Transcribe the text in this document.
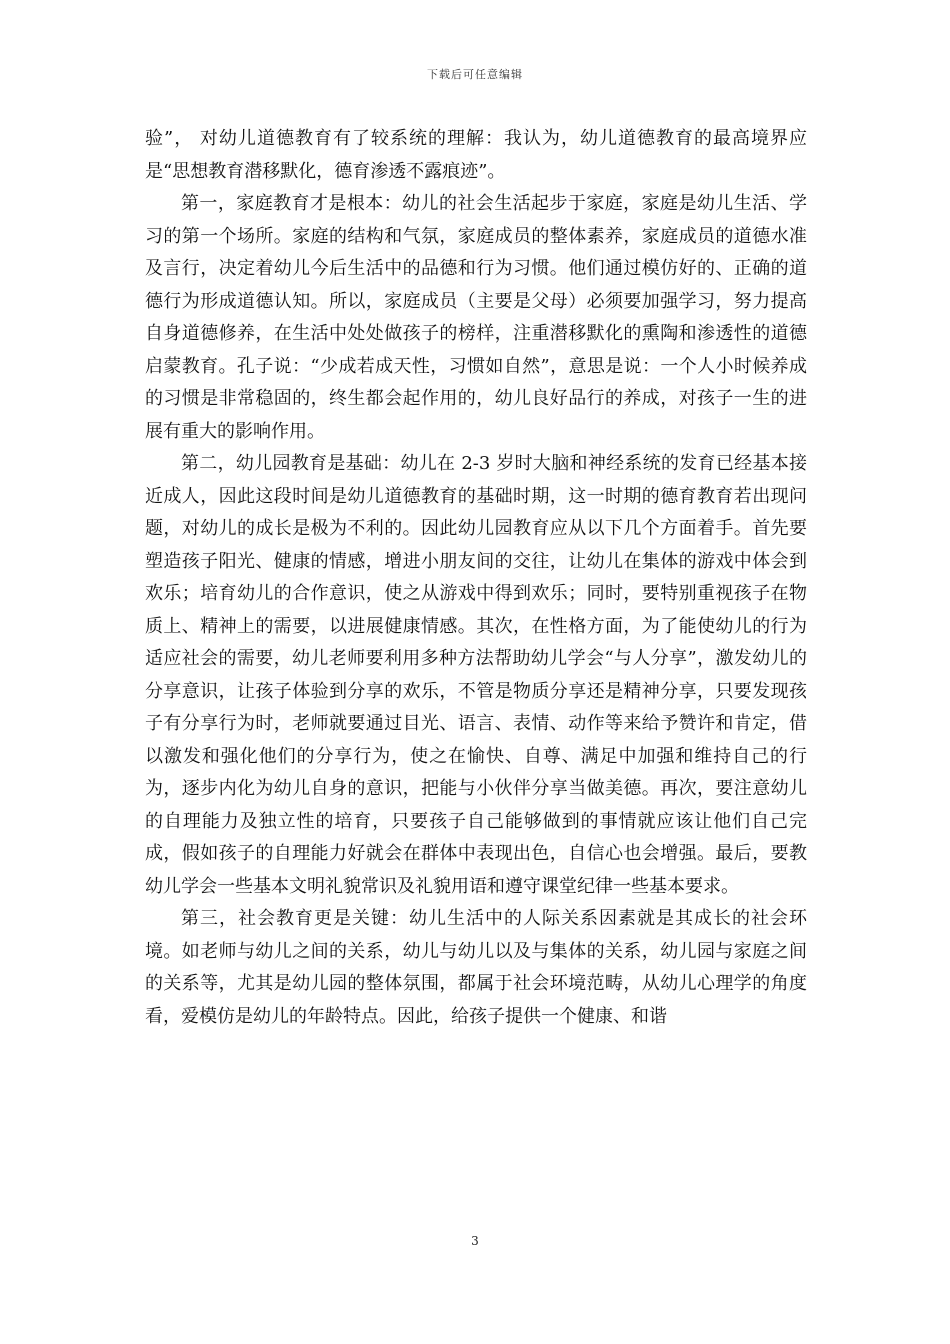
下载后可任意编辑

验”， 对幼儿道德教育有了较系统的理解：我认为，幼儿道德教育的最高境界应是“思想教育潜移默化，德育渗透不露痕迹”。

第一，家庭教育才是根本：幼儿的社会生活起步于家庭，家庭是幼儿生活、学习的第一个场所。家庭的结构和气氛，家庭成员的整体素养，家庭成员的道德水准及言行，决定着幼儿今后生活中的品德和行为习惯。他们通过模仿好的、正确的道德行为形成道德认知。所以，家庭成员（主要是父母）必须要加强学习，努力提高自身道德修养，在生活中处处做孩子的榜样，注重潜移默化的熏陶和渗透性的道德启蒙教育。孔子说：“少成若成天性，习惯如自然”，意思是说：一个人小时候养成的习惯是非常稳固的，终生都会起作用的，幼儿良好品行的养成，对孩子一生的进展有重大的影响作用。

第二，幼儿园教育是基础：幼儿在 2-3 岁时大脑和神经系统的发育已经基本接近成人，因此这段时间是幼儿道德教育的基础时期，这一时期的德育教育若出现问题，对幼儿的成长是极为不利的。因此幼儿园教育应从以下几个方面着手。首先要塑造孩子阳光、健康的情感，增进小朋友间的交往，让幼儿在集体的游戏中体会到欢乐；培育幼儿的合作意识，使之从游戏中得到欢乐；同时，要特别重视孩子在物质上、精神上的需要，以进展健康情感。其次，在性格方面，为了能使幼儿的行为适应社会的需要，幼儿老师要利用多种方法帮助幼儿学会“与人分享”，激发幼儿的分享意识，让孩子体验到分享的欢乐，不管是物质分享还是精神分享，只要发现孩子有分享行为时，老师就要通过目光、语言、表情、动作等来给予赞许和肯定，借以激发和强化他们的分享行为，使之在愉快、自尊、满足中加强和维持自己的行为，逐步内化为幼儿自身的意识，把能与小伙伴分享当做美德。再次，要注意幼儿的自理能力及独立性的培育，只要孩子自己能够做到的事情就应该让他们自己完成，假如孩子的自理能力好就会在群体中表现出色，自信心也会增强。最后，要教幼儿学会一些基本文明礼貌常识及礼貌用语和遵守课堂纪律一些基本要求。

第三，社会教育更是关键：幼儿生活中的人际关系因素就是其成长的社会环境。如老师与幼儿之间的关系，幼儿与幼儿以及与集体的关系，幼儿园与家庭之间的关系等，尤其是幼儿园的整体氛围，都属于社会环境范畴，从幼儿心理学的角度看，爱模仿是幼儿的年龄特点。因此，给孩子提供一个健康、和谐

3
